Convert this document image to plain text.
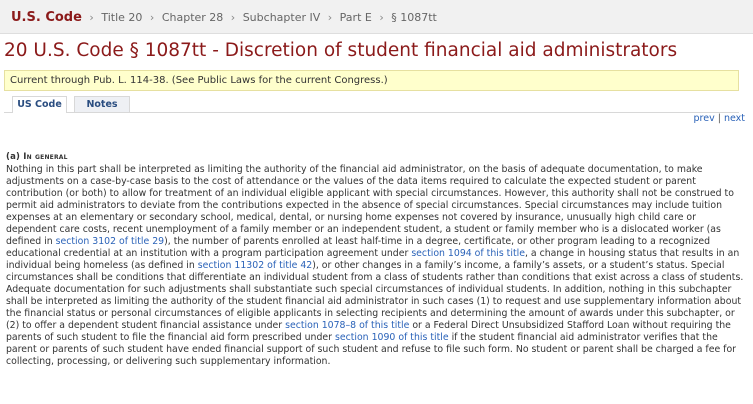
U.S. Code › Title 20 › Chapter 28 › Subchapter IV › Part E › § 1087tt
20 U.S. Code § 1087tt - Discretion of student financial aid administrators
Current through Pub. L. 114-38. (See Public Laws for the current Congress.)
US Code	Notes
prev | next
(a) In general

Nothing in this part shall be interpreted as limiting the authority of the financial aid administrator, on the basis of adequate documentation, to make adjustments on a case-by-case basis to the cost of attendance or the values of the data items required to calculate the expected student or parent contribution (or both) to allow for treatment of an individual eligible applicant with special circumstances. However, this authority shall not be construed to permit aid administrators to deviate from the contributions expected in the absence of special circumstances. Special circumstances may include tuition expenses at an elementary or secondary school, medical, dental, or nursing home expenses not covered by insurance, unusually high child care or dependent care costs, recent unemployment of a family member or an independent student, a student or family member who is a dislocated worker (as defined in section 3102 of title 29), the number of parents enrolled at least half-time in a degree, certificate, or other program leading to a recognized educational credential at an institution with a program participation agreement under section 1094 of this title, a change in housing status that results in an individual being homeless (as defined in section 11302 of title 42), or other changes in a family’s income, a family’s assets, or a student’s status. Special circumstances shall be conditions that differentiate an individual student from a class of students rather than conditions that exist across a class of students. Adequate documentation for such adjustments shall substantiate such special circumstances of individual students. In addition, nothing in this subchapter shall be interpreted as limiting the authority of the student financial aid administrator in such cases (1) to request and use supplementary information about the financial status or personal circumstances of eligible applicants in selecting recipients and determining the amount of awards under this subchapter, or (2) to offer a dependent student financial assistance under section 1078–8 of this title or a Federal Direct Unsubsidized Stafford Loan without requiring the parents of such student to file the financial aid form prescribed under section 1090 of this title if the student financial aid administrator verifies that the parent or parents of such student have ended financial support of such student and refuse to file such form. No student or parent shall be charged a fee for collecting, processing, or delivering such supplementary information.
